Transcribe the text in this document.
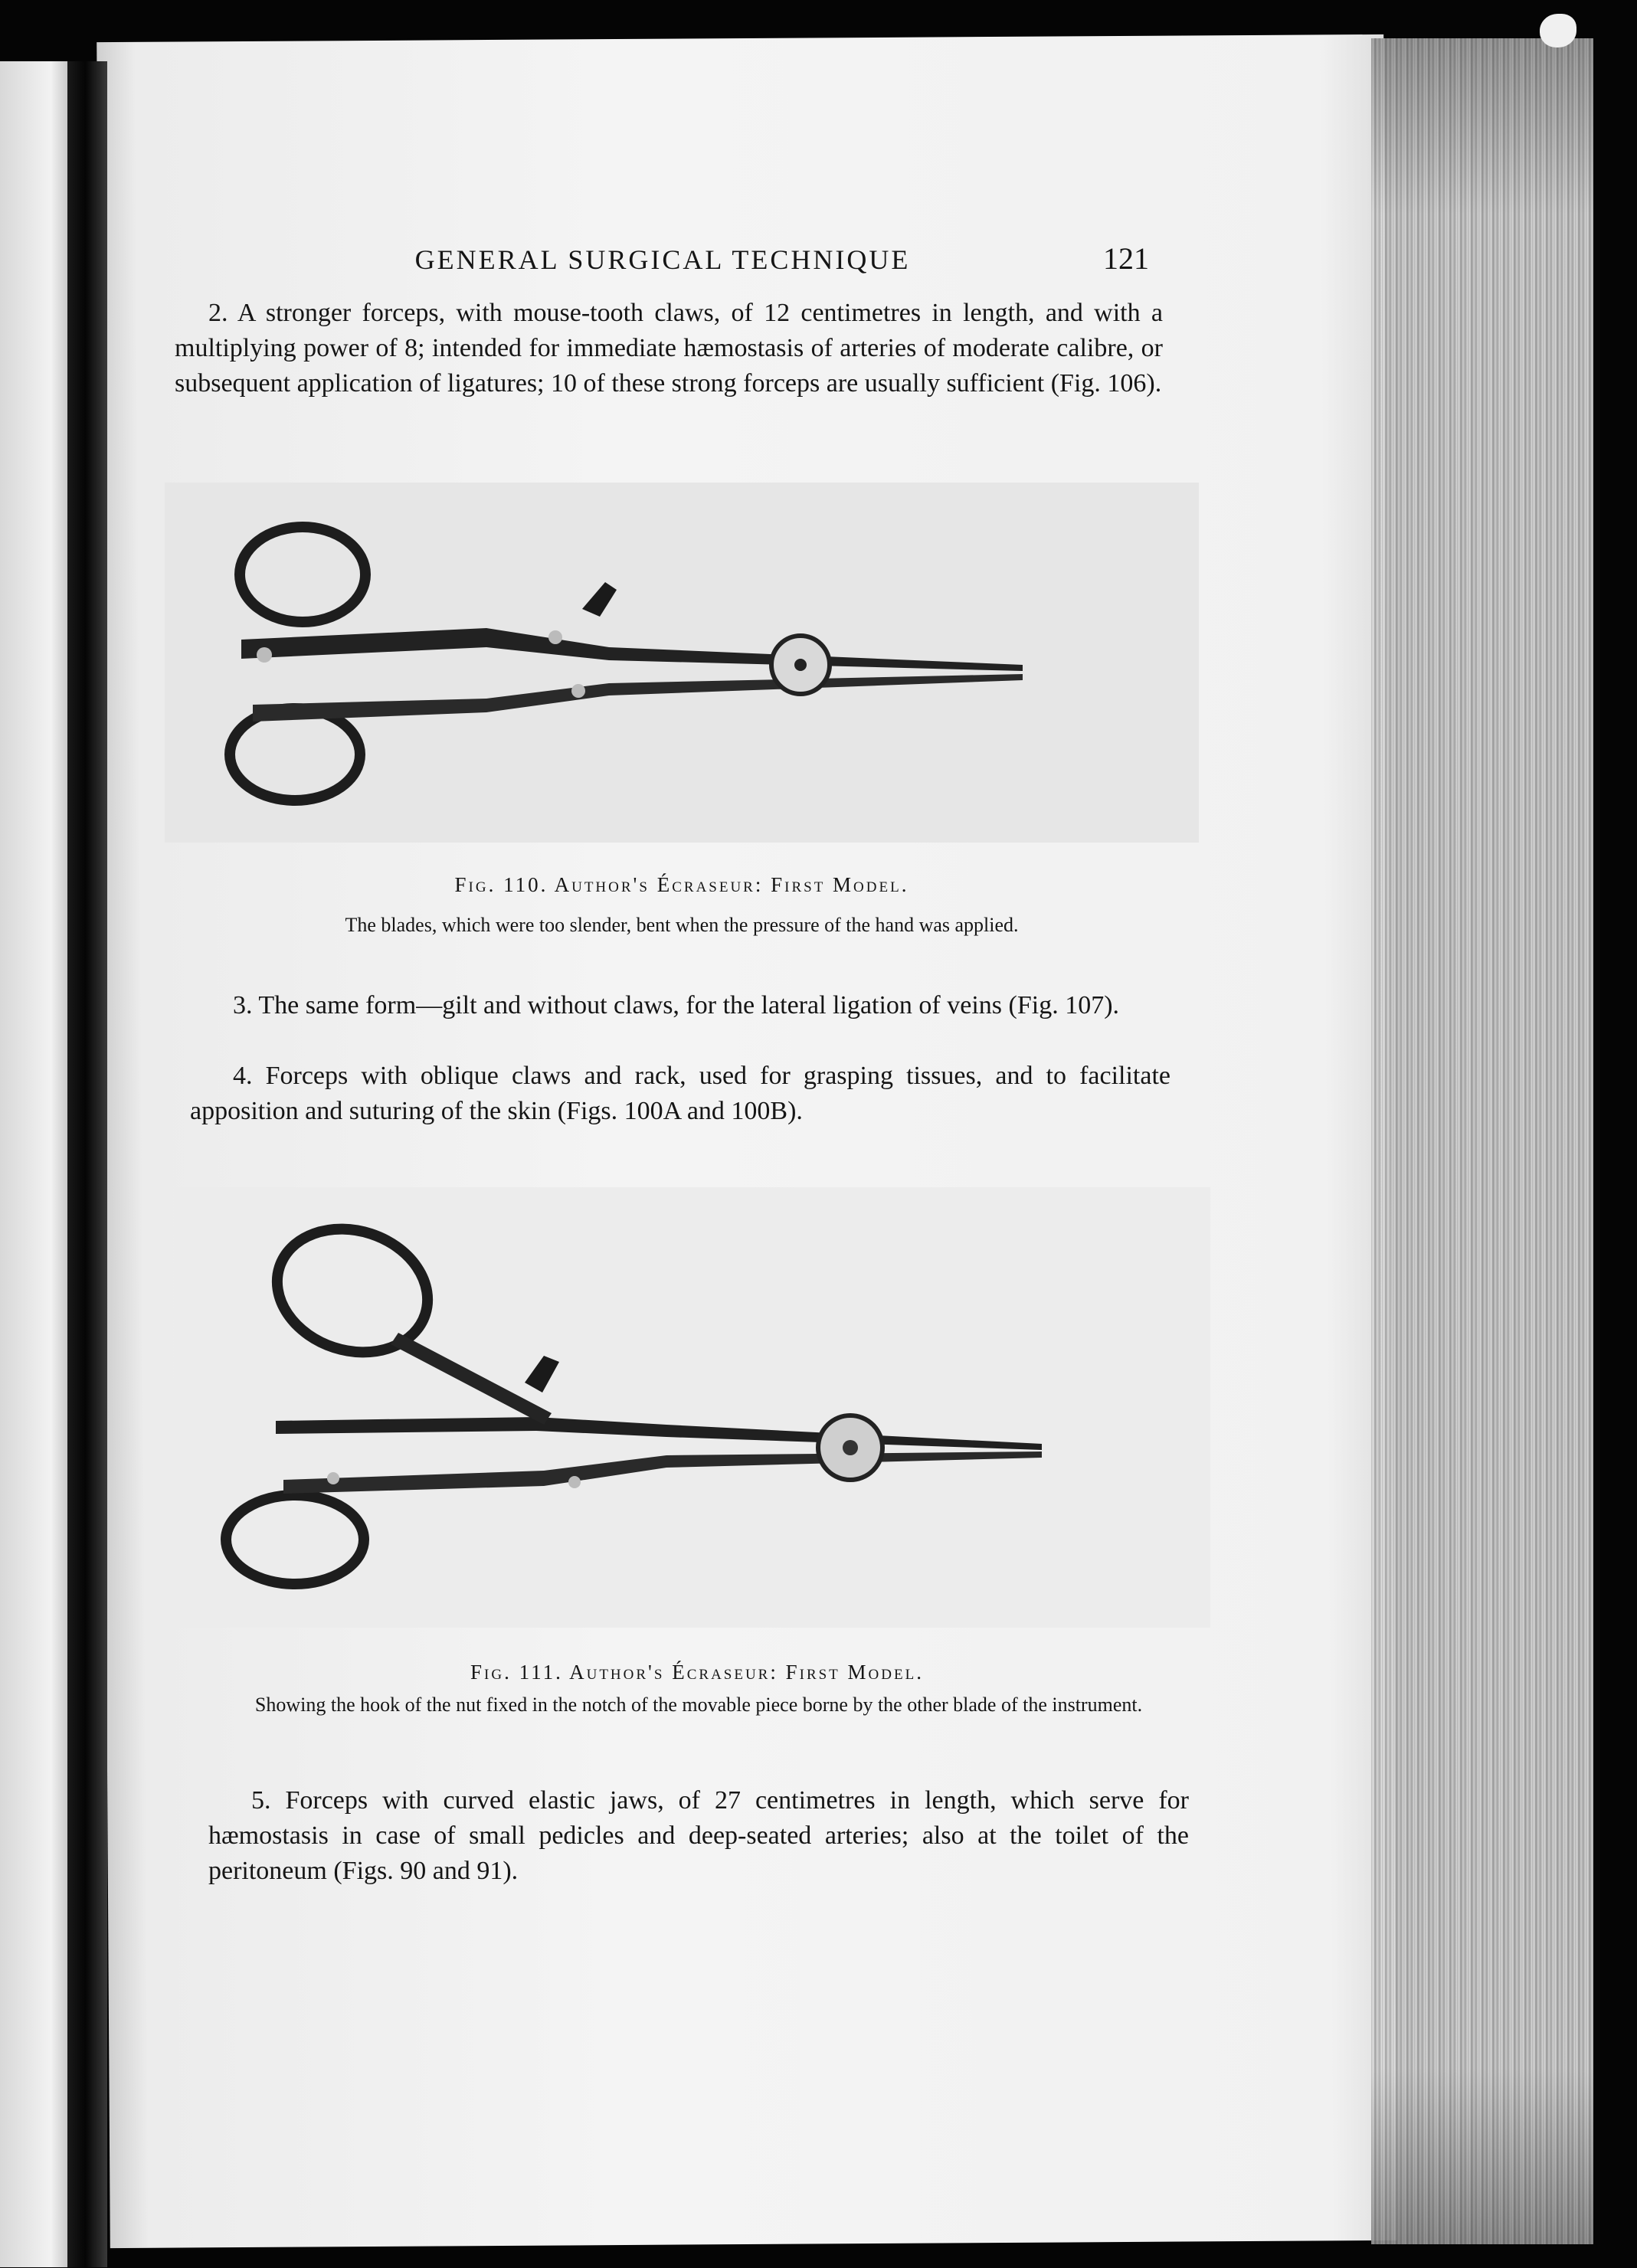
GENERAL SURGICAL TECHNIQUE	121
2. A stronger forceps, with mouse-tooth claws, of 12 centimetres in length, and with a multiplying power of 8; intended for immediate hæmostasis of arteries of moderate calibre, or subsequent application of ligatures; 10 of these strong forceps are usually sufficient (Fig. 106).
Fig. 110. Author's Écraseur: First Model.
The blades, which were too slender, bent when the pressure of the hand was applied.
3. The same form—gilt and without claws, for the lateral ligation of veins (Fig. 107).
4. Forceps with oblique claws and rack, used for grasping tissues, and to facilitate apposition and suturing of the skin (Figs. 100A and 100B).
Fig. 111. Author's Écraseur: First Model.
Showing the hook of the nut fixed in the notch of the movable piece borne by the other blade of the instrument.
5. Forceps with curved elastic jaws, of 27 centimetres in length, which serve for hæmostasis in case of small pedicles and deep-seated arteries; also at the toilet of the peritoneum (Figs. 90 and 91).
